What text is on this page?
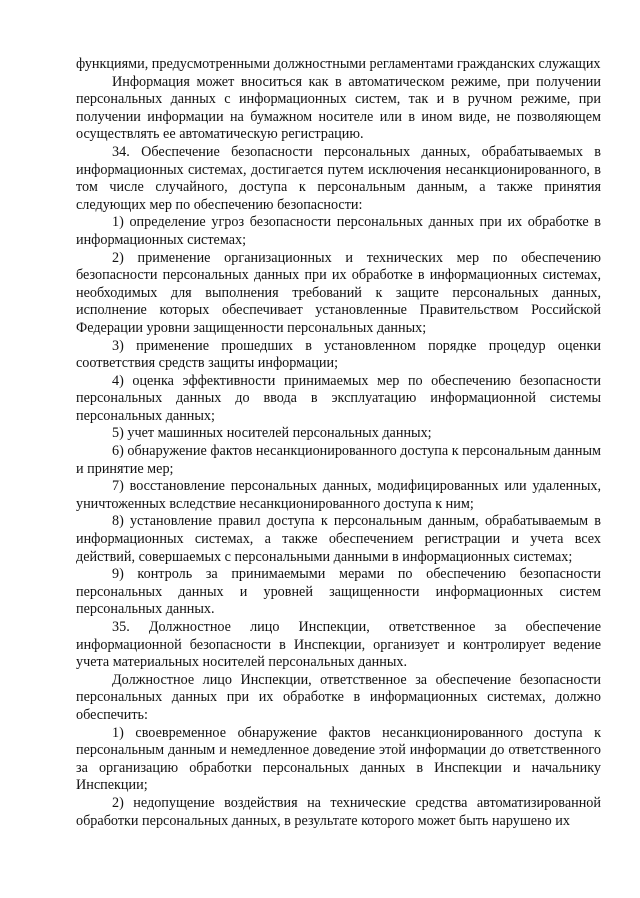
функциями, предусмотренными должностными регламентами гражданских служащих

Информация может вноситься как в автоматическом режиме, при получении персональных данных с информационных систем, так и в ручном режиме, при получении информации на бумажном носителе или в ином виде, не позволяющем осуществлять ее автоматическую регистрацию.

34. Обеспечение безопасности персональных данных, обрабатываемых в информационных системах, достигается путем исключения несанкционированного, в том числе случайного, доступа к персональным данным, а также принятия следующих мер по обеспечению безопасности:

1) определение угроз безопасности персональных данных при их обработке в информационных системах;

2) применение организационных и технических мер по обеспечению безопасности персональных данных при их обработке в информационных системах, необходимых для выполнения требований к защите персональных данных, исполнение которых обеспечивает установленные Правительством Российской Федерации уровни защищенности персональных данных;

3) применение прошедших в установленном порядке процедур оценки соответствия средств защиты информации;

4) оценка эффективности принимаемых мер по обеспечению безопасности персональных данных до ввода в эксплуатацию информационной системы персональных данных;

5) учет машинных носителей персональных данных;

6) обнаружение фактов несанкционированного доступа к персональным данным и принятие мер;

7) восстановление персональных данных, модифицированных или удаленных, уничтоженных вследствие несанкционированного доступа к ним;

8) установление правил доступа к персональным данным, обрабатываемым в информационных системах, а также обеспечением регистрации и учета всех действий, совершаемых с персональными данными в информационных системах;

9) контроль за принимаемыми мерами по обеспечению безопасности персональных данных и уровней защищенности информационных систем персональных данных.

35. Должностное лицо Инспекции, ответственное за обеспечение информационной безопасности в Инспекции, организует и контролирует ведение учета материальных носителей персональных данных.

Должностное лицо Инспекции, ответственное за обеспечение безопасности персональных данных при их обработке в информационных системах, должно обеспечить:

1) своевременное обнаружение фактов несанкционированного доступа к персональным данным и немедленное доведение этой информации до ответственного за организацию обработки персональных данных в Инспекции и начальнику Инспекции;

2) недопущение воздействия на технические средства автоматизированной обработки персональных данных, в результате которого может быть нарушено их
